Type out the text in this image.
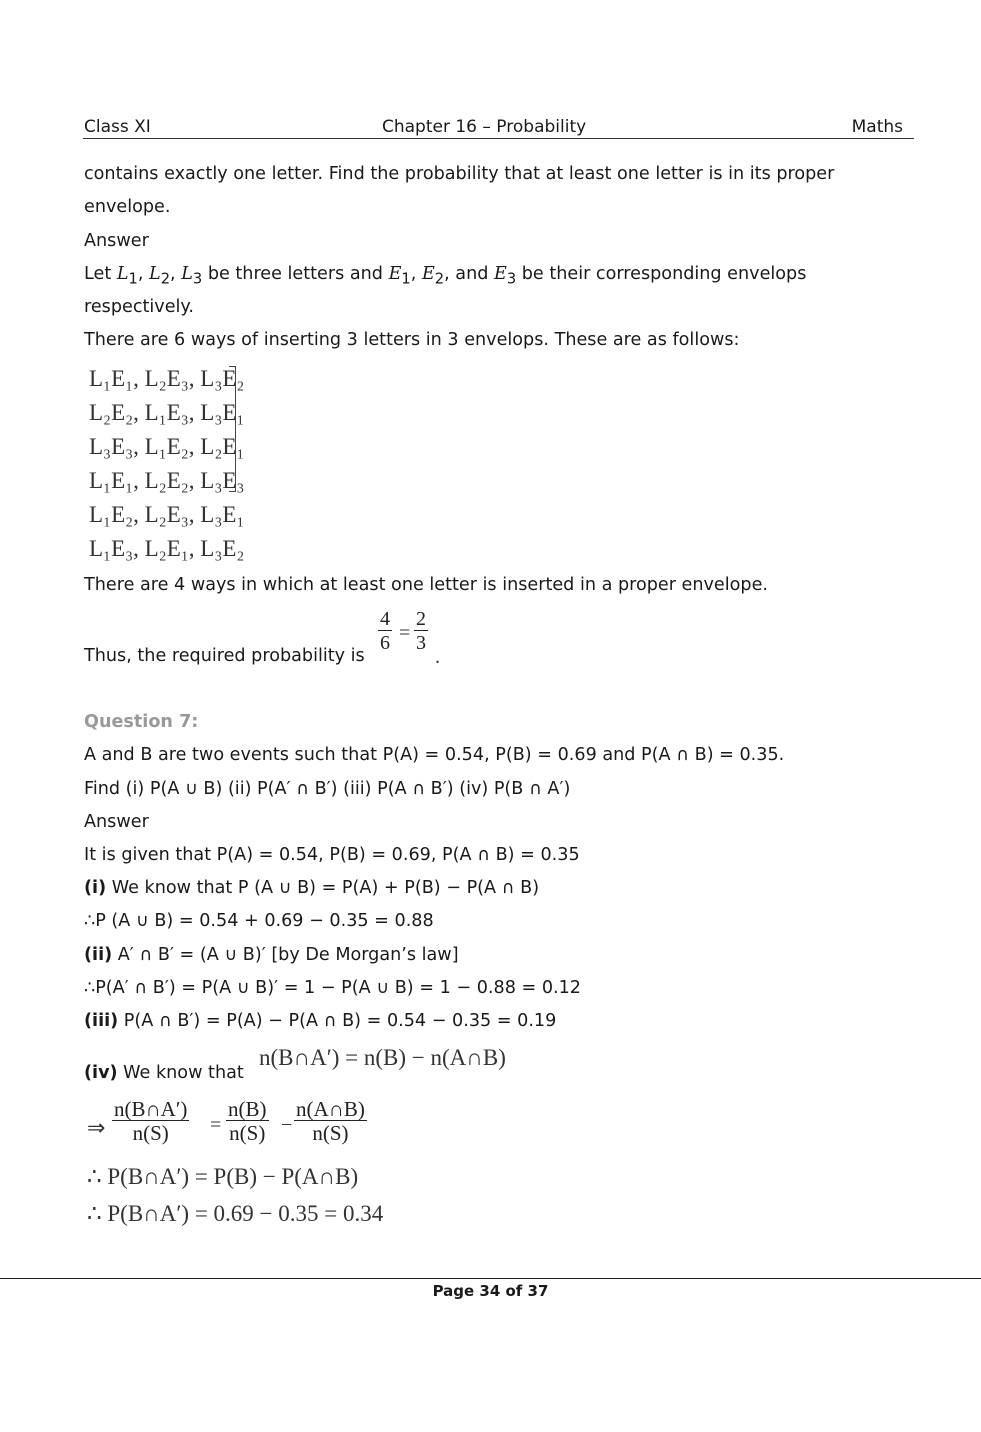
Class XI	Chapter 16 – Probability	Maths
contains exactly one letter. Find the probability that at least one letter is in its proper
envelope.
Answer
Let $L_1$, $L_2$, $L_3$ be three letters and $E_1$, $E_2$, and $E_3$ be their corresponding envelops
respectively.
There are 6 ways of inserting 3 letters in 3 envelops. These are as follows:
L₁E₁, L₂E₃, L₃E₂
L₂E₂, L₁E₃, L₃E₁
L₃E₃, L₁E₂, L₂E₁
L₁E₁, L₂E₂, L₃E₃
L₁E₂, L₂E₃, L₃E₁
L₁E₃, L₂E₁, L₃E₂
There are 4 ways in which at least one letter is inserted in a proper envelope.
Thus, the required probability is
$\frac{4}{6} = \frac{2}{3}$
.
Question 7:
A and B are two events such that P(A) = 0.54, P(B) = 0.69 and P(A ∩ B) = 0.35.
Find (i) P(A ∪ B) (ii) P(A′ ∩ B′) (iii) P(A ∩ B′) (iv) P(B ∩ A′)
Answer
It is given that P(A) = 0.54, P(B) = 0.69, P(A ∩ B) = 0.35
(i) We know that P (A ∪ B) = P(A) + P(B) − P(A ∩ B)
∴P (A ∪ B) = 0.54 + 0.69 − 0.35 = 0.88
(ii) A′ ∩ B′ = (A ∪ B)′ [by De Morgan’s law]
∴P(A′ ∩ B′) = P(A ∪ B)′ = 1 − P(A ∪ B) = 1 − 0.88 = 0.12
(iii) P(A ∩ B′) = P(A) − P(A ∩ B) = 0.54 − 0.35 = 0.19
(iv) We know that
n(B∩A′) = n(B) − n(A∩B)
⇒ $\frac{n(B\cap A')}{n(S)} = \frac{n(B)}{n(S)} - \frac{n(A\cap B)}{n(S)}$
∴ P(B∩A′) = P(B) − P(A∩B)
∴ P(B∩A′) = 0.69 − 0.35 = 0.34
Page 34 of 37
